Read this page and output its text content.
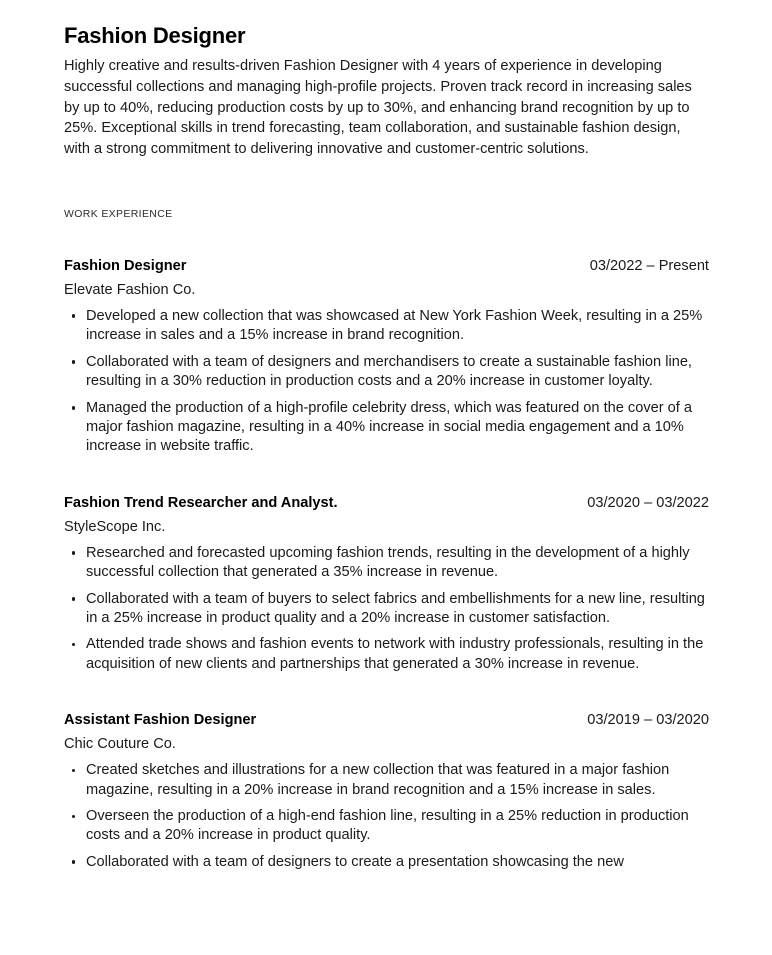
Fashion Designer

Highly creative and results-driven Fashion Designer with 4 years of experience in developing successful collections and managing high-profile projects. Proven track record in increasing sales by up to 40%, reducing production costs by up to 30%, and enhancing brand recognition by up to 25%. Exceptional skills in trend forecasting, team collaboration, and sustainable fashion design, with a strong commitment to delivering innovative and customer-centric solutions.

WORK EXPERIENCE
Fashion Designer	03/2022 – Present
Elevate Fashion Co.
Developed a new collection that was showcased at New York Fashion Week, resulting in a 25% increase in sales and a 15% increase in brand recognition.
Collaborated with a team of designers and merchandisers to create a sustainable fashion line, resulting in a 30% reduction in production costs and a 20% increase in customer loyalty.
Managed the production of a high-profile celebrity dress, which was featured on the cover of a major fashion magazine, resulting in a 40% increase in social media engagement and a 10% increase in website traffic.
Fashion Trend Researcher and Analyst.	03/2020 – 03/2022
StyleScope Inc.
Researched and forecasted upcoming fashion trends, resulting in the development of a highly successful collection that generated a 35% increase in revenue.
Collaborated with a team of buyers to select fabrics and embellishments for a new line, resulting in a 25% increase in product quality and a 20% increase in customer satisfaction.
Attended trade shows and fashion events to network with industry professionals, resulting in the acquisition of new clients and partnerships that generated a 30% increase in revenue.
Assistant Fashion Designer	03/2019 – 03/2020
Chic Couture Co.
Created sketches and illustrations for a new collection that was featured in a major fashion magazine, resulting in a 20% increase in brand recognition and a 15% increase in sales.
Overseen the production of a high-end fashion line, resulting in a 25% reduction in production costs and a 20% increase in product quality.
Collaborated with a team of designers to create a presentation showcasing the new
